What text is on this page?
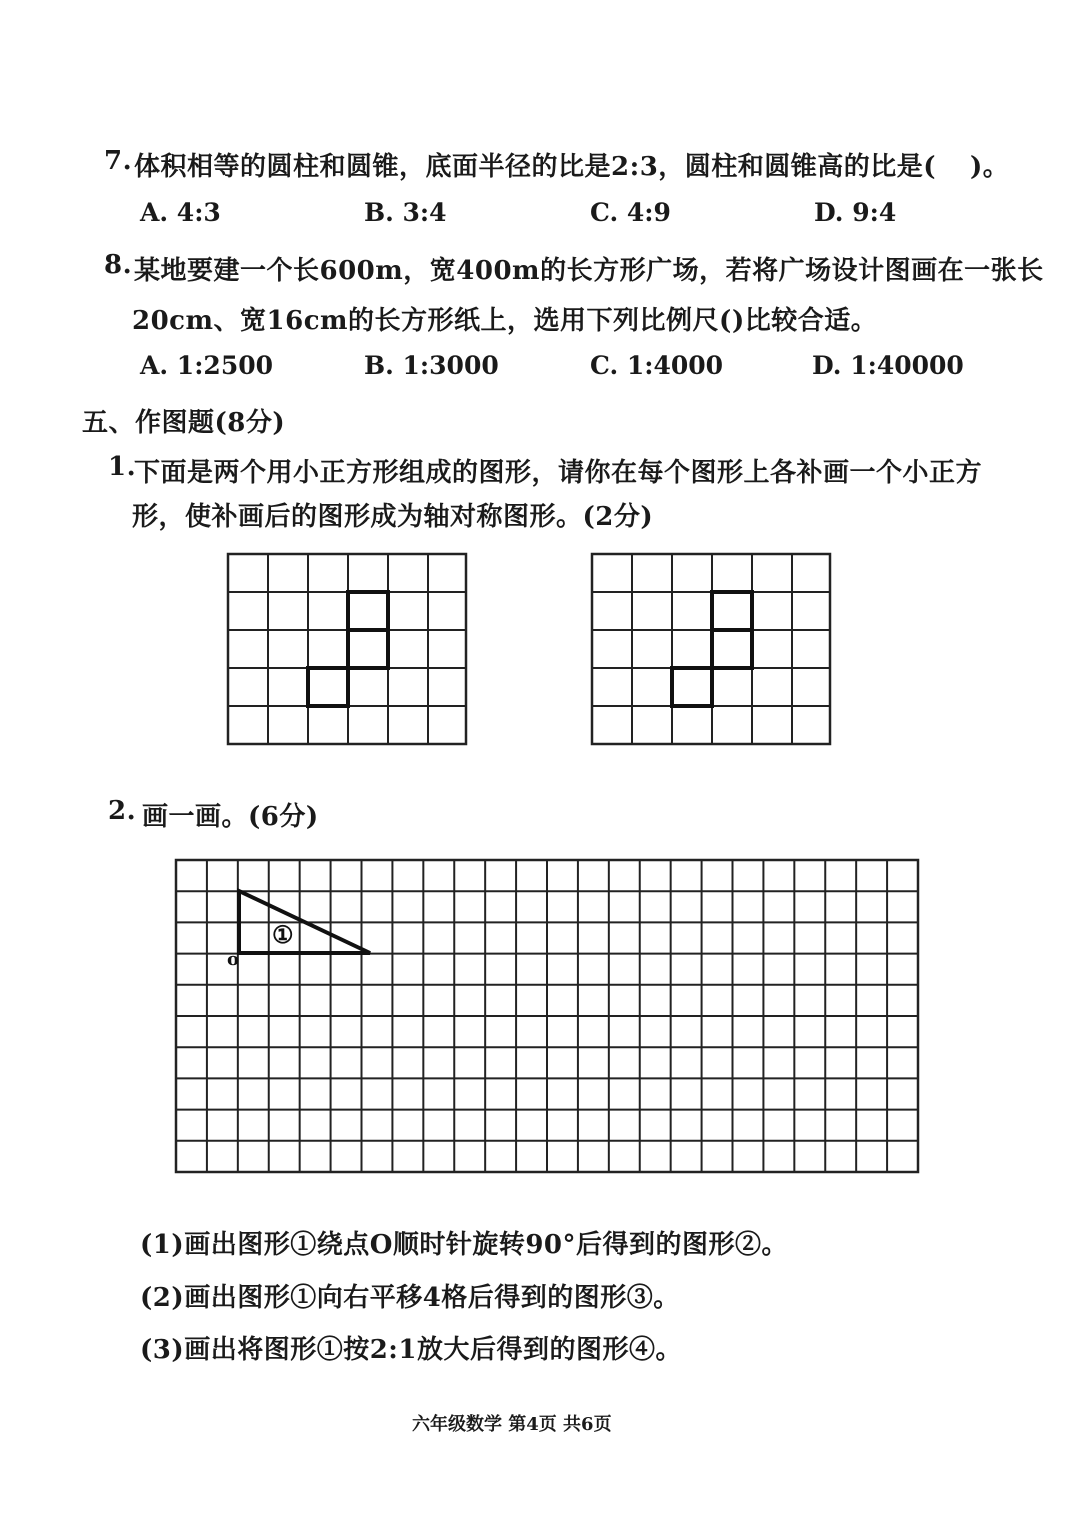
7. 体积相等的圆柱和圆锥，底面半径的比是2:3，圆柱和圆锥高的比是( )。
A. 4:3	B. 3:4	C. 4:9	D. 9:4
8. 某地要建一个长600m，宽400m的长方形广场，若将广场设计图画在一张长
20cm、宽16cm的长方形纸上，选用下列比例尺( )比较合适。
A. 1:2500	B. 1:3000	C. 1:4000	D. 1:40000
五、作图题(8分)
1.
下面是两个用小正方形组成的图形，请你在每个图形上各补画一个小正方
形，使补画后的图形成为轴对称图形。(2分)
2. 画一画。(6分)
①
o
(1)画出图形①绕点O顺时针旋转90°后得到的图形②。
(2)画出图形①向右平移4格后得到的图形③。
(3)画出将图形①按2:1放大后得到的图形④。
六年级数学 第4页 共6页
